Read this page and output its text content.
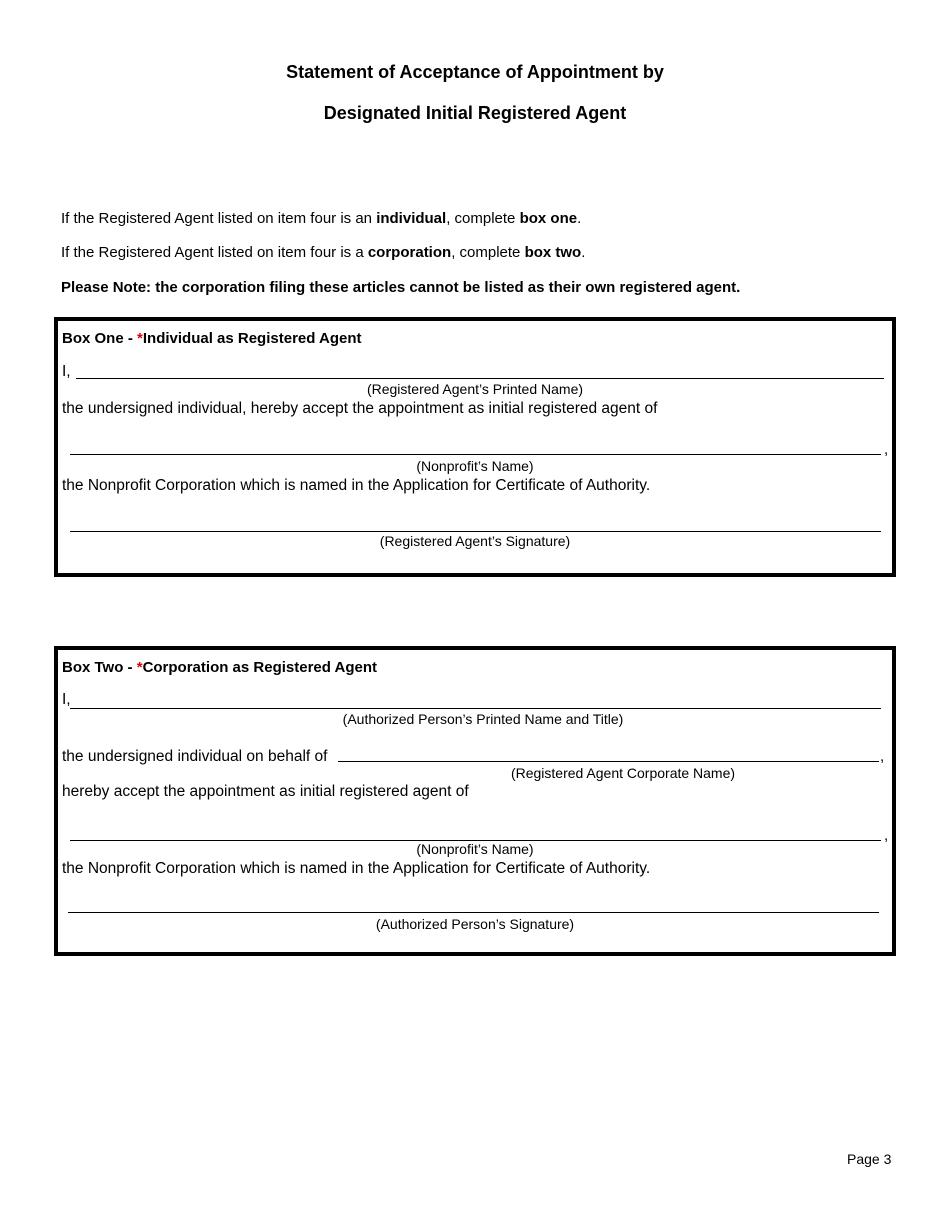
Statement of Acceptance of Appointment by
Designated Initial Registered Agent
If the Registered Agent listed on item four is an individual, complete box one.
If the Registered Agent listed on item four is a corporation, complete box two.
Please Note: the corporation filing these articles cannot be listed as their own registered agent.
Box One - *Individual as Registered Agent
I,
(Registered Agent’s Printed Name)
the undersigned individual, hereby accept the appointment as initial registered agent of
,
(Nonprofit’s Name)
the Nonprofit Corporation which is named in the Application for Certificate of Authority.
(Registered Agent’s Signature)
Box Two - *Corporation as Registered Agent
I,
(Authorized Person’s Printed Name and Title)
the undersigned individual on behalf of	,
(Registered Agent Corporate Name)
hereby accept the appointment as initial registered agent of
,
(Nonprofit’s Name)
the Nonprofit Corporation which is named in the Application for Certificate of Authority.
(Authorized Person’s Signature)
Page 3
